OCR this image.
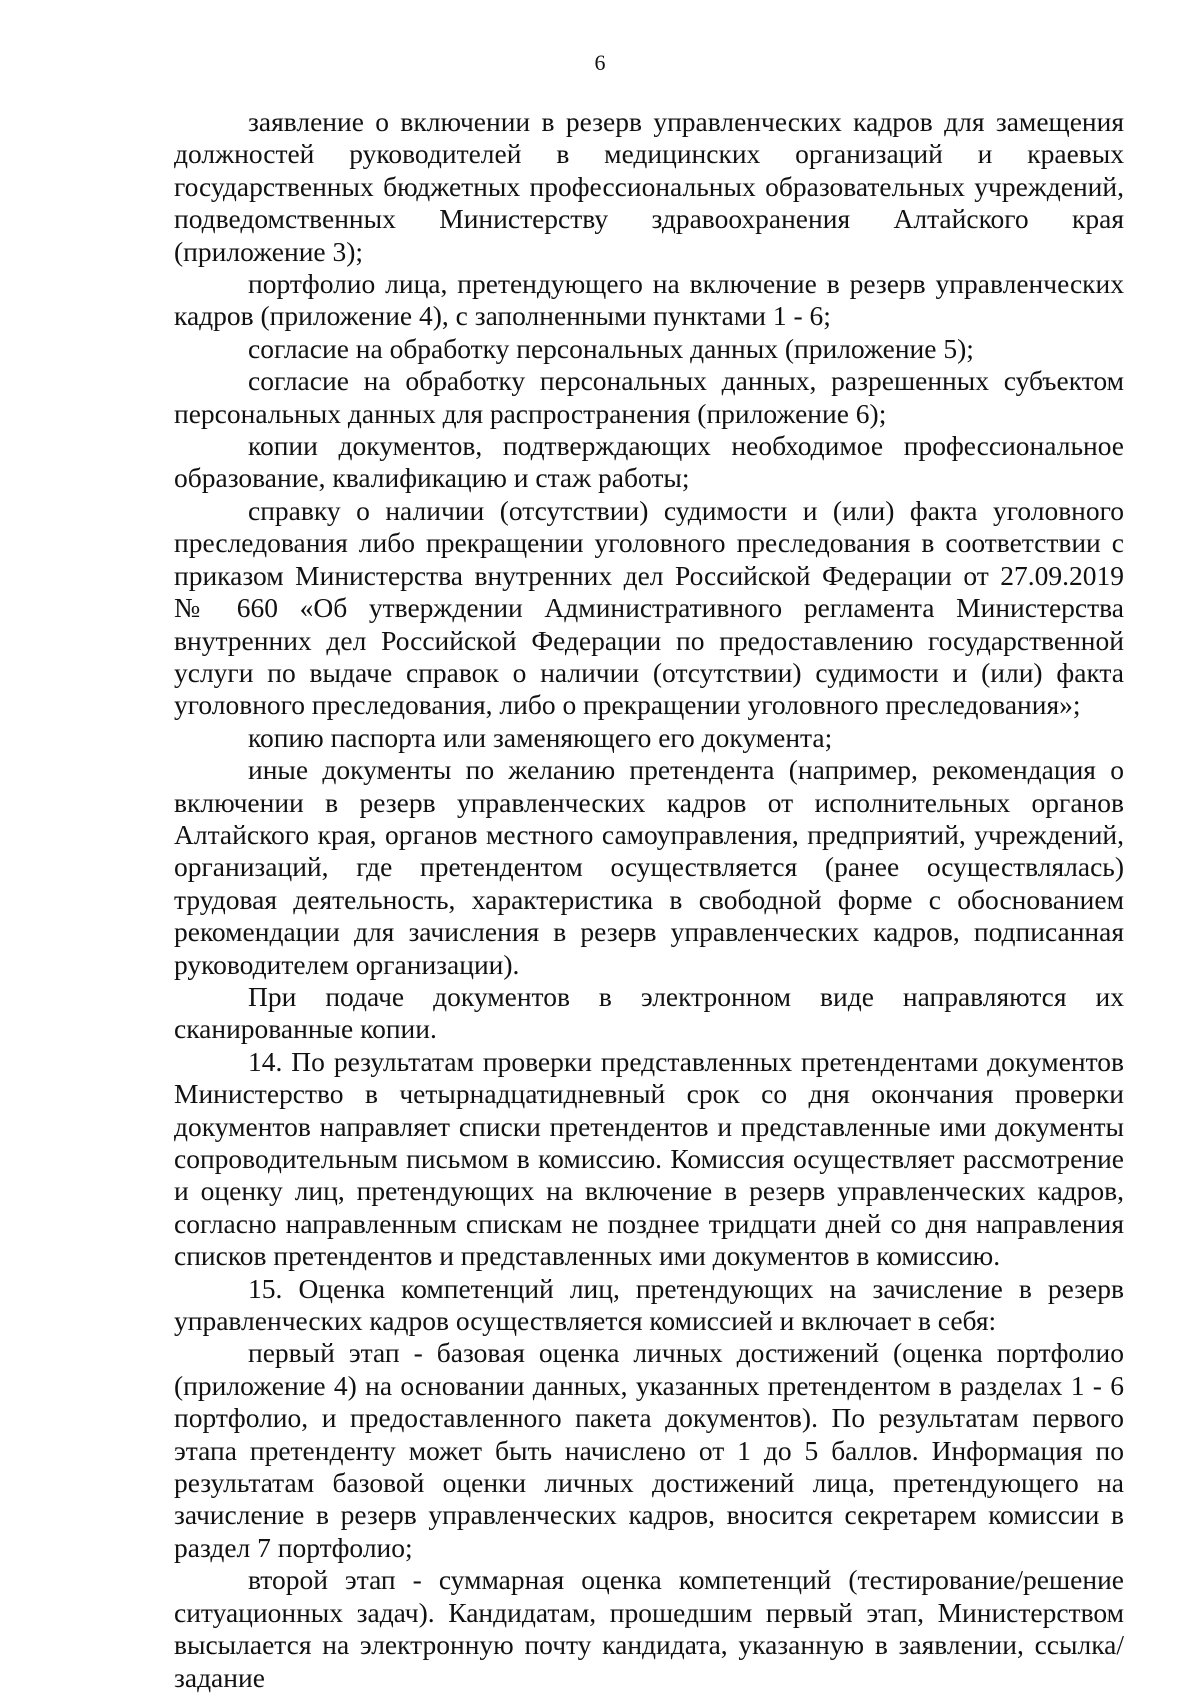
6

заявление о включении в резерв управленческих кадров для замещения должностей руководителей в медицинских организаций и краевых государственных бюджетных профессиональных образовательных учреждений, подведомственных Министерству здравоохранения Алтайского края (приложение 3);

портфолио лица, претендующего на включение в резерв управленческих кадров (приложение 4), с заполненными пунктами 1 - 6;

согласие на обработку персональных данных (приложение 5);

согласие на обработку персональных данных, разрешенных субъектом персональных данных для распространения (приложение 6);

копии документов, подтверждающих необходимое профессиональное образование, квалификацию и стаж работы;

справку о наличии (отсутствии) судимости и (или) факта уголовного преследования либо прекращении уголовного преследования в соответствии с приказом Министерства внутренних дел Российской Федерации от 27.09.2019 № 660 «Об утверждении Административного регламента Министерства внутренних дел Российской Федерации по предоставлению государственной услуги по выдаче справок о наличии (отсутствии) судимости и (или) факта уголовного преследования, либо о прекращении уголовного преследования»;

копию паспорта или заменяющего его документа;

иные документы по желанию претендента (например, рекомендация о включении в резерв управленческих кадров от исполнительных органов Алтайского края, органов местного самоуправления, предприятий, учреждений, организаций, где претендентом осуществляется (ранее осуществлялась) трудовая деятельность, характеристика в свободной форме с обоснованием рекомендации для зачисления в резерв управленческих кадров, подписанная руководителем организации).

При подаче документов в электронном виде направляются их сканированные копии.

14. По результатам проверки представленных претендентами документов Министерство в четырнадцатидневный срок со дня окончания проверки документов направляет списки претендентов и представленные ими документы сопроводительным письмом в комиссию. Комиссия осуществляет рассмотрение и оценку лиц, претендующих на включение в резерв управленческих кадров, согласно направленным спискам не позднее тридцати дней со дня направления списков претендентов и представленных ими документов в комиссию.

15. Оценка компетенций лиц, претендующих на зачисление в резерв управленческих кадров осуществляется комиссией и включает в себя:

первый этап - базовая оценка личных достижений (оценка портфолио (приложение 4) на основании данных, указанных претендентом в разделах 1 - 6 портфолио, и предоставленного пакета документов). По результатам первого этапа претенденту может быть начислено от 1 до 5 баллов. Информация по результатам базовой оценки личных достижений лица, претендующего на зачисление в резерв управленческих кадров, вносится секретарем комиссии в раздел 7 портфолио;

второй этап - суммарная оценка компетенций (тестирование/решение ситуационных задач). Кандидатам, прошедшим первый этап, Министерством высылается на электронную почту кандидата, указанную в заявлении, ссылка/задание
